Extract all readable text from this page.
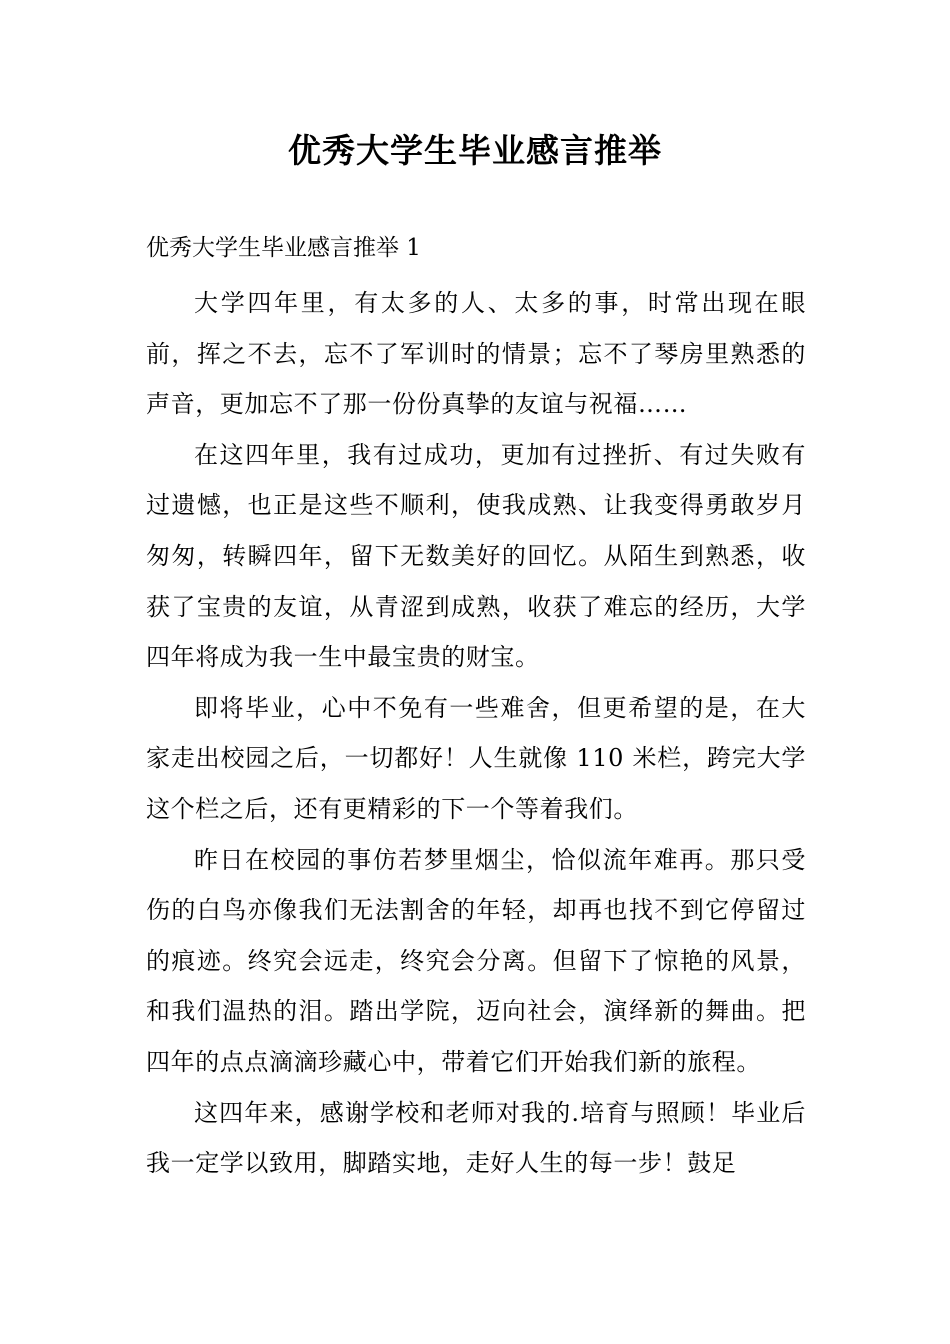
优秀大学生毕业感言推举

优秀大学生毕业感言推举 1

大学四年里，有太多的人、太多的事，时常出现在眼前，挥之不去，忘不了军训时的情景；忘不了琴房里熟悉的声音，更加忘不了那一份份真挚的友谊与祝福……

在这四年里，我有过成功，更加有过挫折、有过失败有过遗憾，也正是这些不顺利，使我成熟、让我变得勇敢岁月匆匆，转瞬四年，留下无数美好的回忆。从陌生到熟悉，收获了宝贵的友谊，从青涩到成熟，收获了难忘的经历，大学四年将成为我一生中最宝贵的财宝。

即将毕业，心中不免有一些难舍，但更希望的是，在大家走出校园之后，一切都好！人生就像 110 米栏，跨完大学这个栏之后，还有更精彩的下一个等着我们。

昨日在校园的事仿若梦里烟尘，恰似流年难再。那只受伤的白鸟亦像我们无法割舍的年轻，却再也找不到它停留过的痕迹。终究会远走，终究会分离。但留下了惊艳的风景，和我们温热的泪。踏出学院，迈向社会，演绎新的舞曲。把四年的点点滴滴珍藏心中，带着它们开始我们新的旅程。

这四年来，感谢学校和老师对我的.培育与照顾！毕业后我一定学以致用，脚踏实地，走好人生的每一步！鼓足
